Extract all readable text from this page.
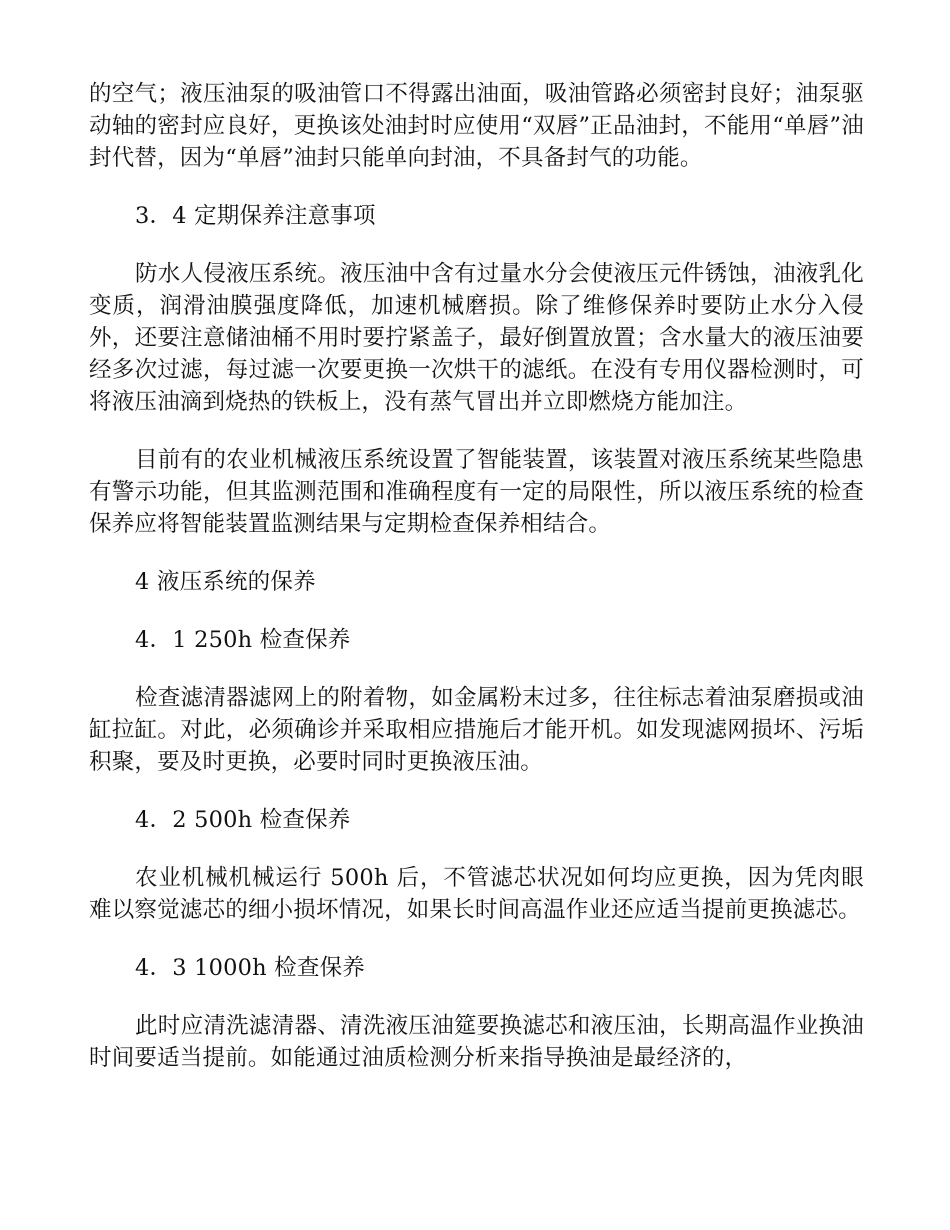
的空气；液压油泵的吸油管口不得露出油面，吸油管路必须密封良好；油泵驱动轴的密封应良好，更换该处油封时应使用“双唇”正品油封，不能用“单唇”油封代替，因为“单唇”油封只能单向封油，不具备封气的功能。

3．4 定期保养注意事项

防水人侵液压系统。液压油中含有过量水分会使液压元件锈蚀，油液乳化变质，润滑油膜强度降低，加速机械磨损。除了维修保养时要防止水分入侵外，还要注意储油桶不用时要拧紧盖子，最好倒置放置；含水量大的液压油要经多次过滤，每过滤一次要更换一次烘干的滤纸。在没有专用仪器检测时，可将液压油滴到烧热的铁板上，没有蒸气冒出并立即燃烧方能加注。

目前有的农业机械液压系统设置了智能装置，该装置对液压系统某些隐患有警示功能，但其监测范围和准确程度有一定的局限性，所以液压系统的检查保养应将智能装置监测结果与定期检查保养相结合。

4 液压系统的保养
4．1 250h 检查保养

检查滤清器滤网上的附着物，如金属粉末过多，往往标志着油泵磨损或油缸拉缸。对此，必须确诊并采取相应措施后才能开机。如发现滤网损坏、污垢积聚，要及时更换，必要时同时更换液压油。

4．2 500h 检查保养

农业机械机械运行 500h 后，不管滤芯状况如何均应更换，因为凭肉眼难以察觉滤芯的细小损坏情况，如果长时间高温作业还应适当提前更换滤芯。

4．3 1000h 检查保养

此时应清洗滤清器、清洗液压油筵要换滤芯和液压油，长期高温作业换油时间要适当提前。如能通过油质检测分析来指导换油是最经济的，
